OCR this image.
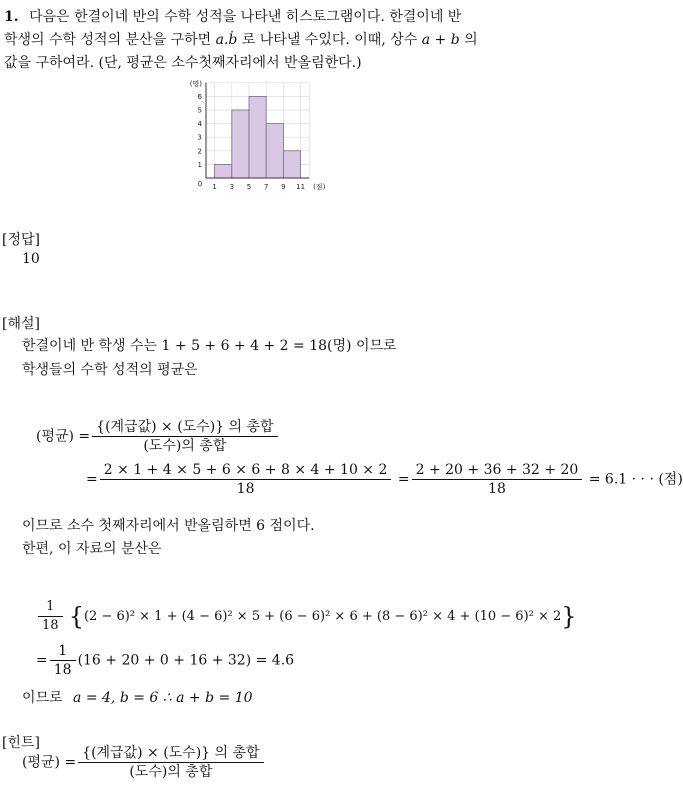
1. 다음은 한결이네 반의 수학 성적을 나타낸 히스토그램이다. 한결이네 반
학생의 수학 성적의 분산을 구하면 a.ḃ 로 나타낼 수있다. 이때, 상수 a + b 의
값을 구하여라. (단, 평균은 소수첫째자리에서 반올림한다.)
0 1 3 5 7 9 11 (점)
1
2
3
4
5
6
(명)
[정답]
10
[해설]
한결이네 반 학생 수는 1 + 5 + 6 + 4 + 2 = 18(명) 이므로
학생들의 수학 성적의 평균은
(평균) = $\frac{\text{\{(계급값) × (도수)\} 의 총합}}{\text{(도수)의 총합}}$
= $\frac{2 \times 1 + 4 \times 5 + 6 \times 6 + 8 \times 4 + 10 \times 2}{18} = \frac{2 + 20 + 36 + 32 + 20}{18} = 6.1$ · · · (점)
이므로 소수 첫째자리에서 반올림하면 6 점이다.
한편, 이 자료의 분산은
$\frac{1}{18} \{(2 - 6)^2 \times 1 + (4 - 6)^2 \times 5 + (6 - 6)^2 \times 6 + (8 - 6)^2 \times 4 + (10 - 6)^2 \times 2\}$
= $\frac{1}{18} (16 + 20 + 0 + 16 + 32)$ = 4.6̇
이므로 a = 4, b = 6 ∴ a + b = 10
[힌트]
(평균) = $\frac{\text{\{(계급값) × (도수)\} 의 총합}}{\text{(도수)의 총합}}$
